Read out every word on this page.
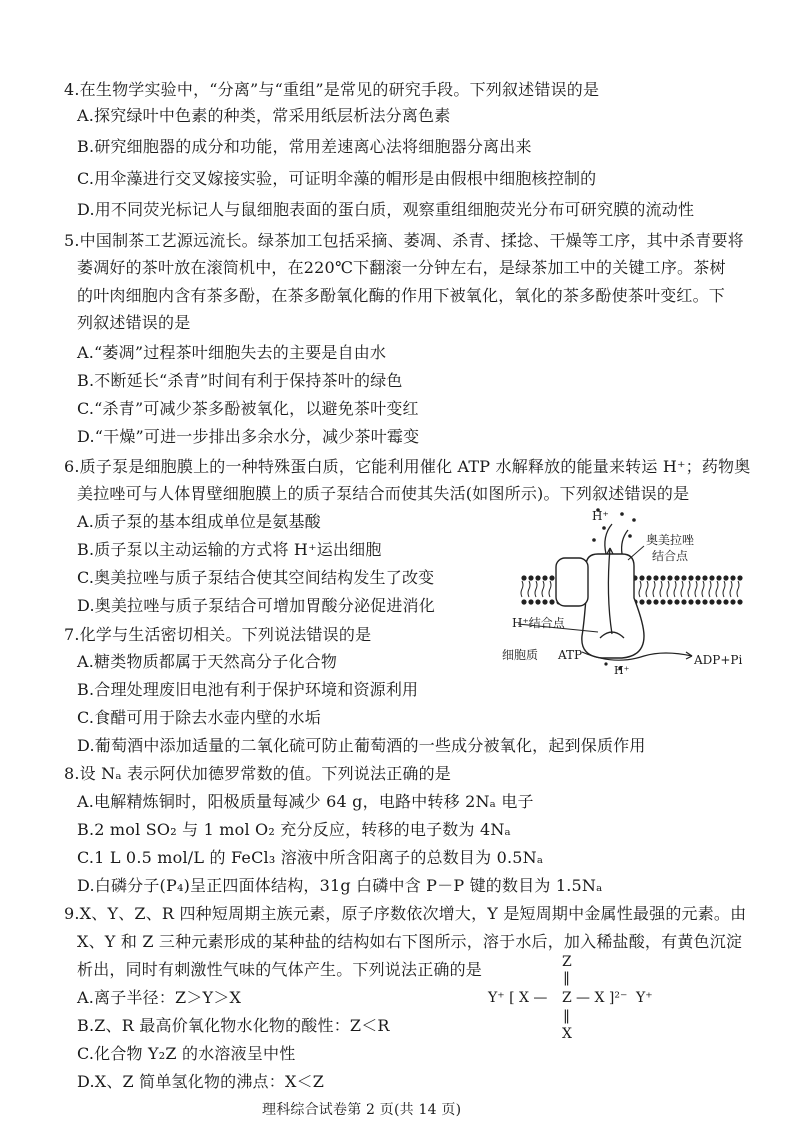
4.在生物学实验中，“分离”与“重组”是常见的研究手段。下列叙述错误的是
A.探究绿叶中色素的种类，常采用纸层析法分离色素
B.研究细胞器的成分和功能，常用差速离心法将细胞器分离出来
C.用伞藻进行交叉嫁接实验，可证明伞藻的帽形是由假根中细胞核控制的
D.用不同荧光标记人与鼠细胞表面的蛋白质，观察重组细胞荧光分布可研究膜的流动性
5.中国制茶工艺源远流长。绿茶加工包括采摘、萎凋、杀青、揉捻、干燥等工序，其中杀青要将
萎凋好的茶叶放在滚筒机中，在220℃下翻滚一分钟左右，是绿茶加工中的关键工序。茶树
的叶肉细胞内含有茶多酚，在茶多酚氧化酶的作用下被氧化，氧化的茶多酚使茶叶变红。下
列叙述错误的是
A.“萎凋”过程茶叶细胞失去的主要是自由水
B.不断延长“杀青”时间有利于保持茶叶的绿色
C.“杀青”可减少茶多酚被氧化，以避免茶叶变红
D.“干燥”可进一步排出多余水分，减少茶叶霉变
6.质子泵是细胞膜上的一种特殊蛋白质，它能利用催化 ATP 水解释放的能量来转运 H⁺；药物奥
美拉唑可与人体胃壁细胞膜上的质子泵结合而使其失活(如图所示)。下列叙述错误的是
A.质子泵的基本组成单位是氨基酸
B.质子泵以主动运输的方式将 H⁺运出细胞
C.奥美拉唑与质子泵结合使其空间结构发生了改变
D.奥美拉唑与质子泵结合可增加胃酸分泌促进消化
H⁺
奥美拉唑
结合点
H⁺结合点
细胞质 ATP
H⁺
ADP+Pi
7.化学与生活密切相关。下列说法错误的是
A.糖类物质都属于天然高分子化合物
B.合理处理废旧电池有利于保护环境和资源利用
C.食醋可用于除去水壶内壁的水垢
D.葡萄酒中添加适量的二氧化硫可防止葡萄酒的一些成分被氧化，起到保质作用
8.设 Nₐ 表示阿伏加德罗常数的值。下列说法正确的是
A.电解精炼铜时，阳极质量每减少 64 g，电路中转移 2Nₐ 电子
B.2 mol SO₂ 与 1 mol O₂ 充分反应，转移的电子数为 4Nₐ
C.1 L 0.5 mol/L 的 FeCl₃ 溶液中所含阳离子的总数目为 0.5Nₐ
D.白磷分子(P₄)呈正四面体结构，31g 白磷中含 P－P 键的数目为 1.5Nₐ
9.X、Y、Z、R 四种短周期主族元素，原子序数依次增大，Y 是短周期中金属性最强的元素。由
X、Y 和 Z 三种元素形成的某种盐的结构如右下图所示，溶于水后，加入稀盐酸，有黄色沉淀
析出，同时有刺激性气味的气体产生。下列说法正确的是
A.离子半径：Z＞Y＞X
B.Z、R 最高价氧化物水化物的酸性：Z＜R
C.化合物 Y₂Z 的水溶液呈中性
D.X、Z 简单氢化物的沸点：X＜Z
Z
‖
Y⁺ [ X — Z — X ]²⁻ Y⁺
‖
X
理科综合试卷第 2 页(共 14 页)
